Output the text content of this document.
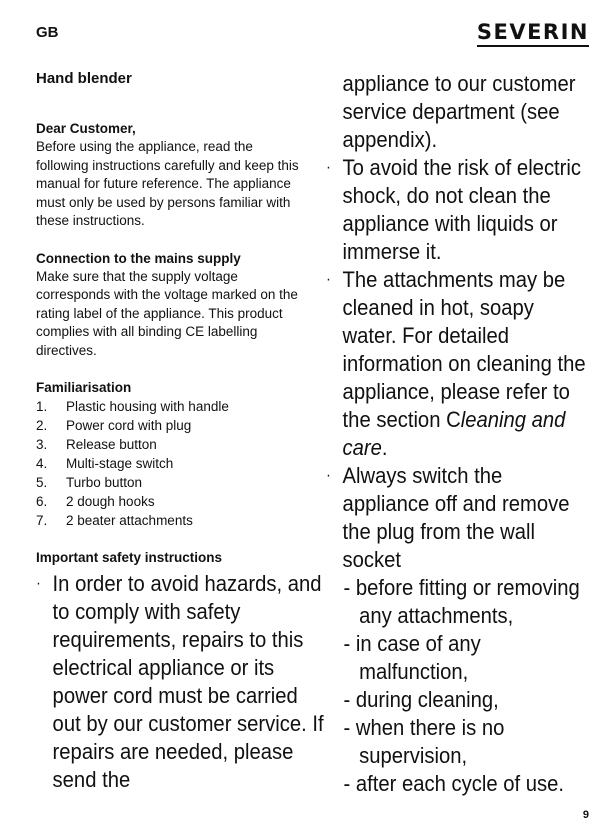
GB	SEVERIN
Hand blender

Dear Customer,

Before using the appliance, read the following instructions carefully and keep this manual for future reference. The appliance must only be used by persons familiar with these instructions.

Connection to the mains supply

Make sure that the supply voltage corresponds with the voltage marked on the rating label of the appliance. This product complies with all binding CE labelling directives.

Familiarisation

1.	Plastic housing with handle
2.	Power cord with plug
3.	Release button
4.	Multi-stage switch
5.	Turbo button
6.	2 dough hooks
7.	2 beater attachments

Important safety instructions

· In order to avoid hazards, and to comply with safety requirements, repairs to this electrical appliance or its power cord must be carried out by our customer service. If repairs are needed, please send the
appliance to our customer service department (see appendix).
· To avoid the risk of electric shock, do not clean the appliance with liquids or immerse it.
· The attachments may be cleaned in hot, soapy water. For detailed information on cleaning the appliance, please refer to the section Cleaning and care.
· Always switch the appliance off and remove the plug from the wall socket
- before fitting or removing any attachments,
- in case of any malfunction,
- during cleaning,
- when there is no supervision,
- after each cycle of use.
9
